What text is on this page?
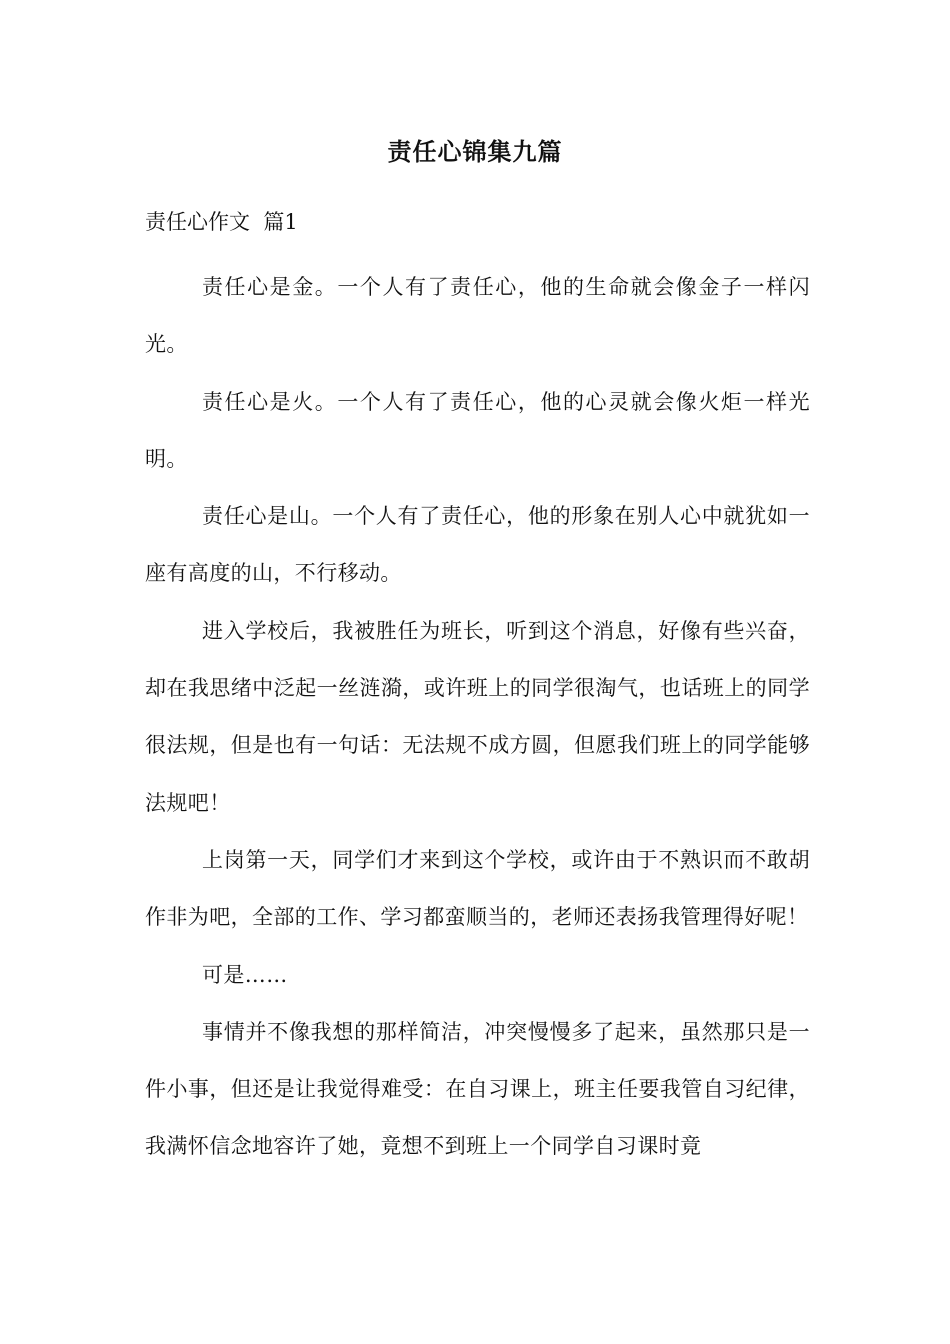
责任心锦集九篇
责任心作文  篇1

责任心是金。一个人有了责任心，他的生命就会像金子一样闪光。

责任心是火。一个人有了责任心，他的心灵就会像火炬一样光明。

责任心是山。一个人有了责任心，他的形象在别人心中就犹如一座有高度的山，不行移动。

进入学校后，我被胜任为班长，听到这个消息，好像有些兴奋，却在我思绪中泛起一丝涟漪，或许班上的同学很淘气，也话班上的同学很法规，但是也有一句话：无法规不成方圆，但愿我们班上的同学能够法规吧！

上岗第一天，同学们才来到这个学校，或许由于不熟识而不敢胡作非为吧，全部的工作、学习都蛮顺当的，老师还表扬我管理得好呢！

可是……

事情并不像我想的那样简洁，冲突慢慢多了起来，虽然那只是一件小事，但还是让我觉得难受：在自习课上，班主任要我管自习纪律，我满怀信念地容许了她，竟想不到班上一个同学自习课时竟
